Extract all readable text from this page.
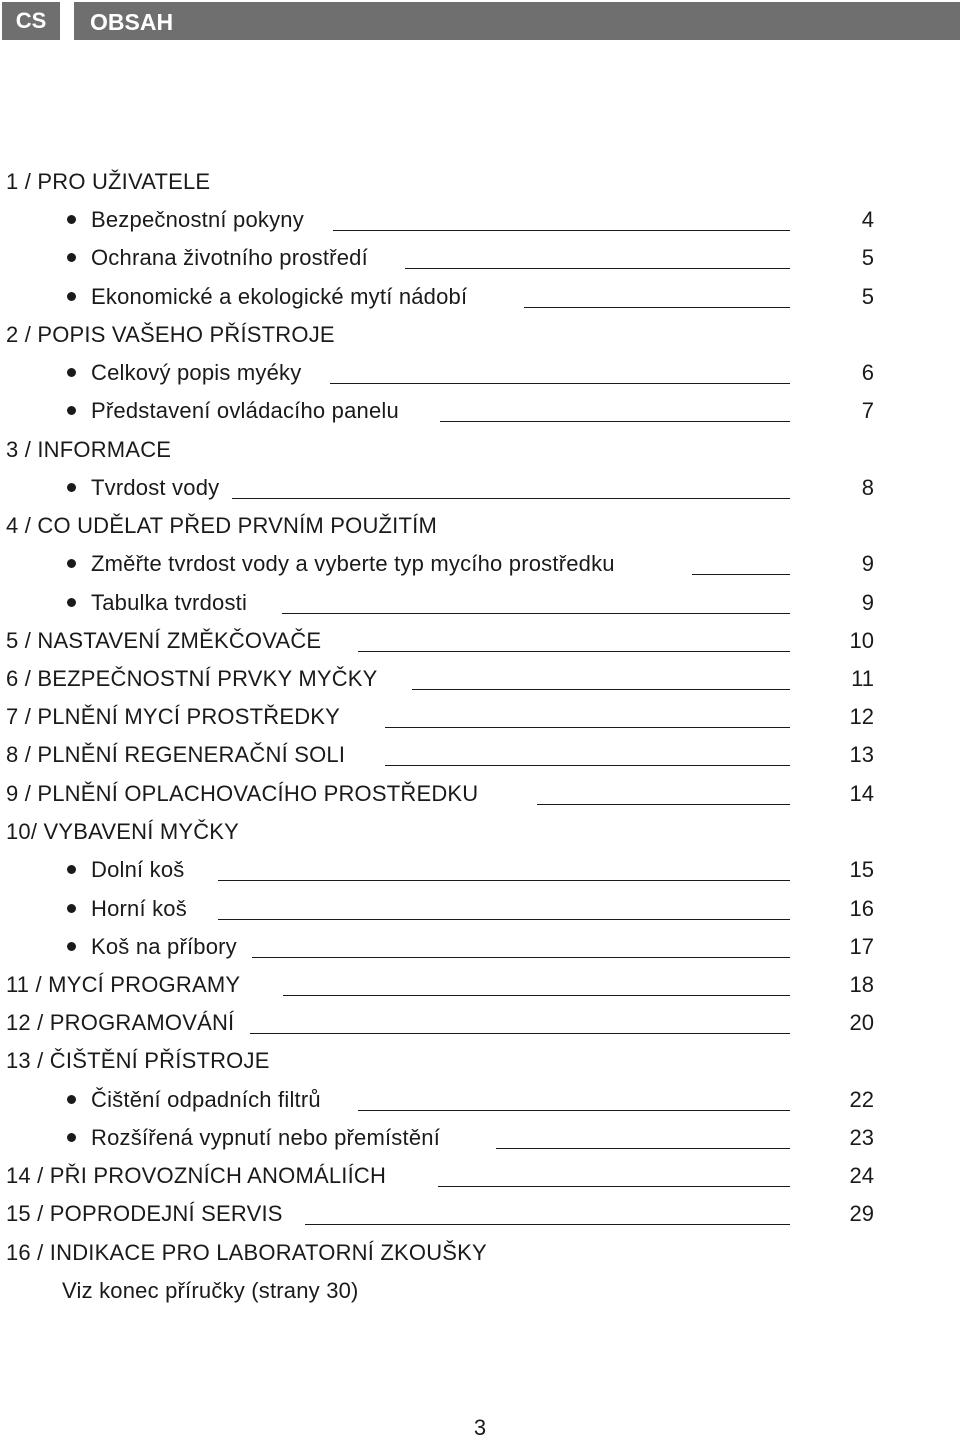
CS	OBSAH
1 / PRO UŽIVATELE
Bezpečnostní pokyny	4
Ochrana životního prostředí	5
Ekonomické a ekologické mytí nádobí	5
2 / POPIS VAŠEHO PŘÍSTROJE
Celkový popis myéky	6
Představení ovládacího panelu	7
3 / INFORMACE
Tvrdost vody	8
4 / CO UDĚLAT PŘED PRVNÍM POUŽITÍM
Změřte tvrdost vody a vyberte typ mycího prostředku	9
Tabulka tvrdosti	9
5 / NASTAVENÍ ZMĚKČOVAČE	10
6 / BEZPEČNOSTNÍ PRVKY MYČKY	11
7 / PLNĚNÍ MYCÍ PROSTŘEDKY	12
8 / PLNĚNÍ REGENERAČNÍ SOLI	13
9 / PLNĚNÍ OPLACHOVACÍHO PROSTŘEDKU	14
10/ VYBAVENÍ MYČKY
Dolní koš	15
Horní koš	16
Koš na příbory	17
11 / MYCÍ PROGRAMY	18
12 / PROGRAMOVÁNÍ	20
13 / ČIŠTĚNÍ PŘÍSTROJE
Čištění odpadních filtrů	22
Rozšířená vypnutí nebo přemístění	23
14 / PŘI PROVOZNÍCH ANOMÁLIÍCH	24
15 / POPRODEJNÍ SERVIS	29
16 / INDIKACE PRO LABORATORNÍ ZKOUŠKY
Viz konec příručky (strany 30)
3
